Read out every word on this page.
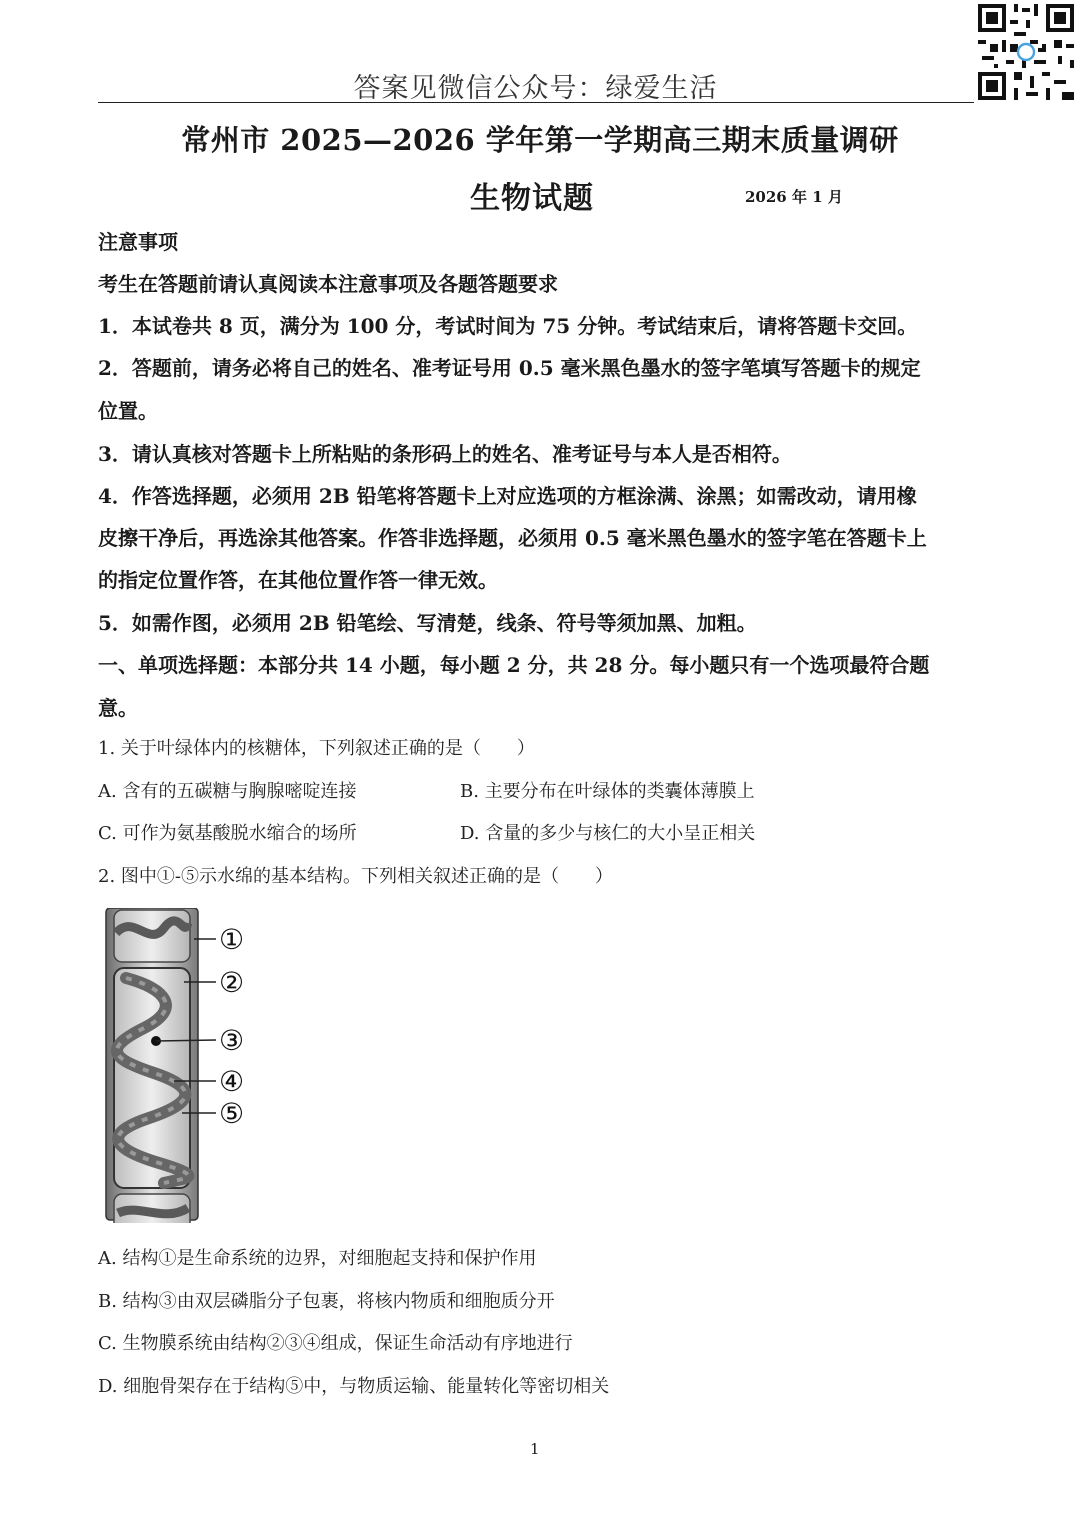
答案见微信公众号：绿爱生活
常州市 2025—2026 学年第一学期高三期末质量调研
生物试题	2026 年 1 月
注意事项
考生在答题前请认真阅读本注意事项及各题答题要求
1．本试卷共 8 页，满分为 100 分，考试时间为 75 分钟。考试结束后，请将答题卡交回。
2．答题前，请务必将自己的姓名、准考证号用 0.5 毫米黑色墨水的签字笔填写答题卡的规定
位置。
3．请认真核对答题卡上所粘贴的条形码上的姓名、准考证号与本人是否相符。
4．作答选择题，必须用 2B 铅笔将答题卡上对应选项的方框涂满、涂黑；如需改动，请用橡
皮擦干净后，再选涂其他答案。作答非选择题，必须用 0.5 毫米黑色墨水的签字笔在答题卡上
的指定位置作答，在其他位置作答一律无效。
5．如需作图，必须用 2B 铅笔绘、写清楚，线条、符号等须加黑、加粗。
一、单项选择题：本部分共 14 小题，每小题 2 分，共 28 分。每小题只有一个选项最符合题
意。
1. 关于叶绿体内的核糖体，下列叙述正确的是（　　）
A. 含有的五碳糖与胸腺嘧啶连接	B. 主要分布在叶绿体的类囊体薄膜上
C. 可作为氨基酸脱水缩合的场所	D. 含量的多少与核仁的大小呈正相关
2. 图中①-⑤示水绵的基本结构。下列相关叙述正确的是（　　）
①
②
③
④
⑤
A. 结构①是生命系统的边界，对细胞起支持和保护作用
B. 结构③由双层磷脂分子包裹，将核内物质和细胞质分开
C. 生物膜系统由结构②③④组成，保证生命活动有序地进行
D. 细胞骨架存在于结构⑤中，与物质运输、能量转化等密切相关
1
